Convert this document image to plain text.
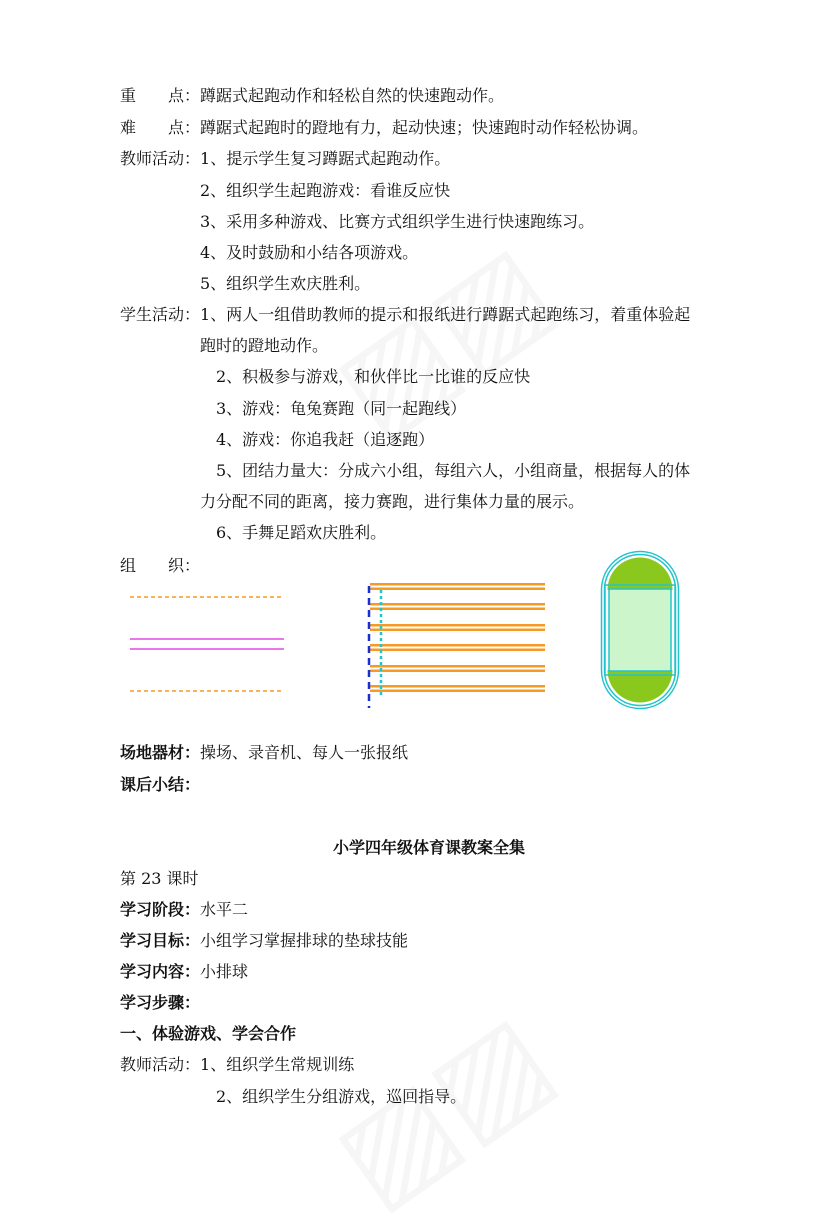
重　　点：蹲踞式起跑动作和轻松自然的快速跑动作。
难　　点：蹲踞式起跑时的蹬地有力，起动快速；快速跑时动作轻松协调。
教师活动：1、提示学生复习蹲踞式起跑动作。
2、组织学生起跑游戏：看谁反应快
3、采用多种游戏、比赛方式组织学生进行快速跑练习。
4、及时鼓励和小结各项游戏。
5、组织学生欢庆胜利。
学生活动：1、两人一组借助教师的提示和报纸进行蹲踞式起跑练习，着重体验起
跑时的蹬地动作。
2、积极参与游戏，和伙伴比一比谁的反应快
3、游戏：龟兔赛跑（同一起跑线）
4、游戏：你追我赶（追逐跑）
5、团结力量大：分成六小组，每组六人，小组商量，根据每人的体
力分配不同的距离，接力赛跑，进行集体力量的展示。
6、手舞足蹈欢庆胜利。
组　　织：
场地器材：操场、录音机、每人一张报纸
课后小结：
小学四年级体育课教案全集
第 23 课时
学习阶段：水平二
学习目标：小组学习掌握排球的垫球技能
学习内容：小排球
学习步骤：
一、体验游戏、学会合作
教师活动：1、组织学生常规训练
2、组织学生分组游戏，巡回指导。
